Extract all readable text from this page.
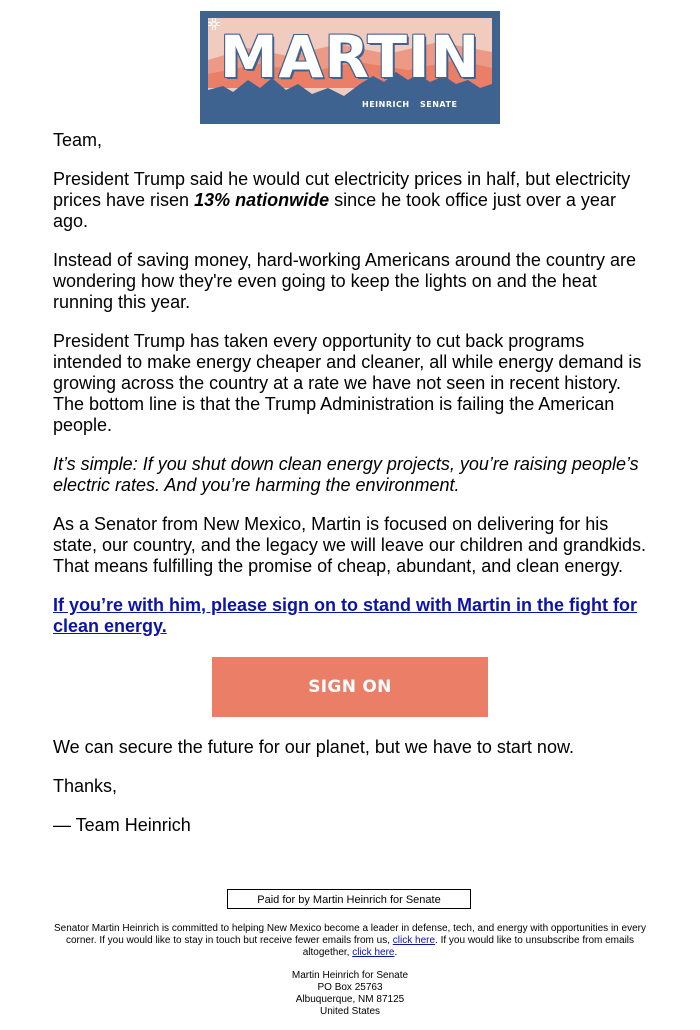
MARTIN
HEINRICH SENATE

Team,

President Trump said he would cut electricity prices in half, but electricity prices have risen 13% nationwide since he took office just over a year ago.

Instead of saving money, hard-working Americans around the country are wondering how they're even going to keep the lights on and the heat running this year.

President Trump has taken every opportunity to cut back programs intended to make energy cheaper and cleaner, all while energy demand is growing across the country at a rate we have not seen in recent history. The bottom line is that the Trump Administration is failing the American people.

It’s simple: If you shut down clean energy projects, you’re raising people’s electric rates. And you’re harming the environment.

As a Senator from New Mexico, Martin is focused on delivering for his state, our country, and the legacy we will leave our children and grandkids. That means fulfilling the promise of cheap, abundant, and clean energy.

If you’re with him, please sign on to stand with Martin in the fight for clean energy.

SIGN ON

We can secure the future for our planet, but we have to start now.

Thanks,

— Team Heinrich

Paid for by Martin Heinrich for Senate
Senator Martin Heinrich is committed to helping New Mexico become a leader in defense, tech, and energy with opportunities in every corner. If you would like to stay in touch but receive fewer emails from us, click here. If you would like to unsubscribe from emails altogether, click here.
Martin Heinrich for Senate
PO Box 25763
Albuquerque, NM 87125
United States
